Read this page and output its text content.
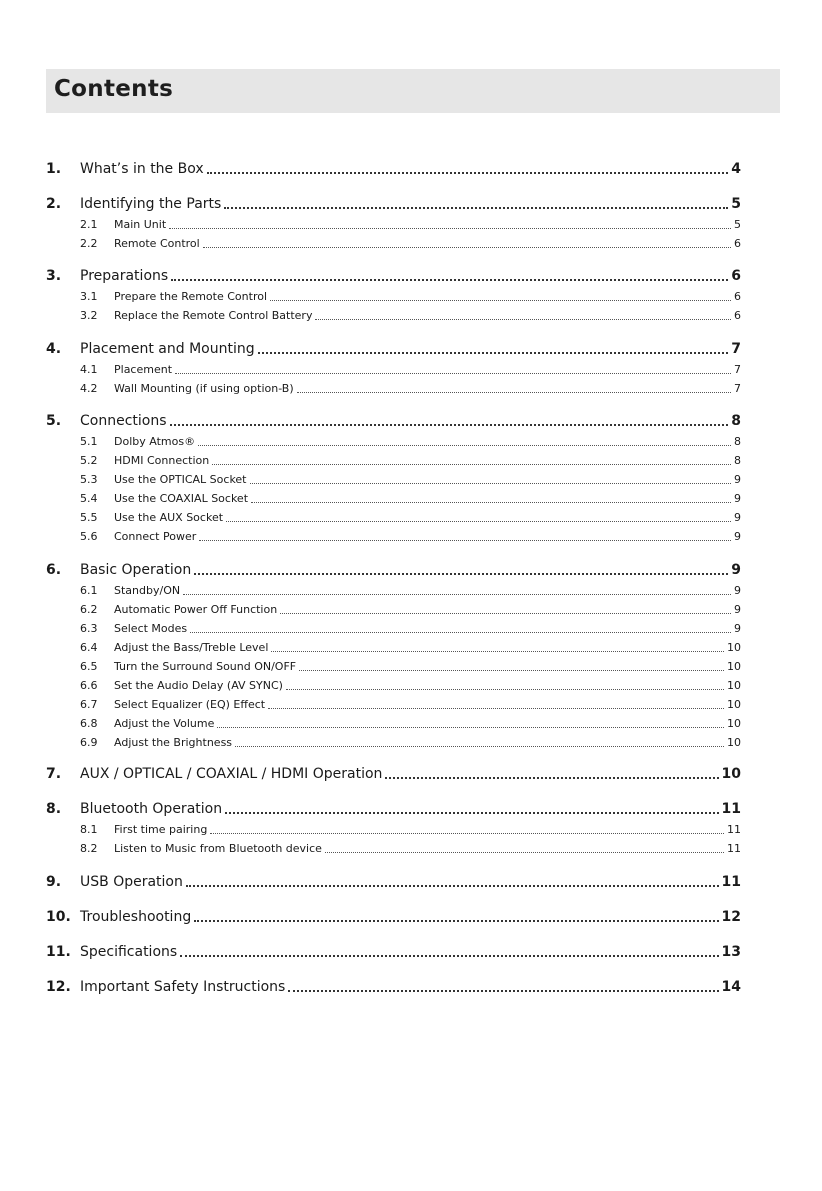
Contents
1.	What’s in the Box	4
2.	Identifying the Parts	5
2.1	Main Unit	5
2.2	Remote Control	6
3.	Preparations	6
3.1	Prepare the Remote Control	6
3.2	Replace the Remote Control Battery	6
4.	Placement and Mounting	7
4.1	Placement	7
4.2	Wall Mounting (if using option-B)	7
5.	Connections	8
5.1	Dolby Atmos®	8
5.2	HDMI Connection	8
5.3	Use the OPTICAL Socket	9
5.4	Use the COAXIAL Socket	9
5.5	Use the AUX Socket	9
5.6	Connect Power	9
6.	Basic Operation	9
6.1	Standby/ON	9
6.2	Automatic Power Off Function	9
6.3	Select Modes	9
6.4	Adjust the Bass/Treble Level	10
6.5	Turn the Surround Sound ON/OFF	10
6.6	Set the Audio Delay (AV SYNC)	10
6.7	Select Equalizer (EQ) Effect	10
6.8	Adjust the Volume	10
6.9	Adjust the Brightness	10
7.	AUX / OPTICAL / COAXIAL / HDMI Operation	10
8.	Bluetooth Operation	11
8.1	First time pairing	11
8.2	Listen to Music from Bluetooth device	11
9.	USB Operation	11
10. Troubleshooting	12
11. Specifications	13
12. Important Safety Instructions	14
